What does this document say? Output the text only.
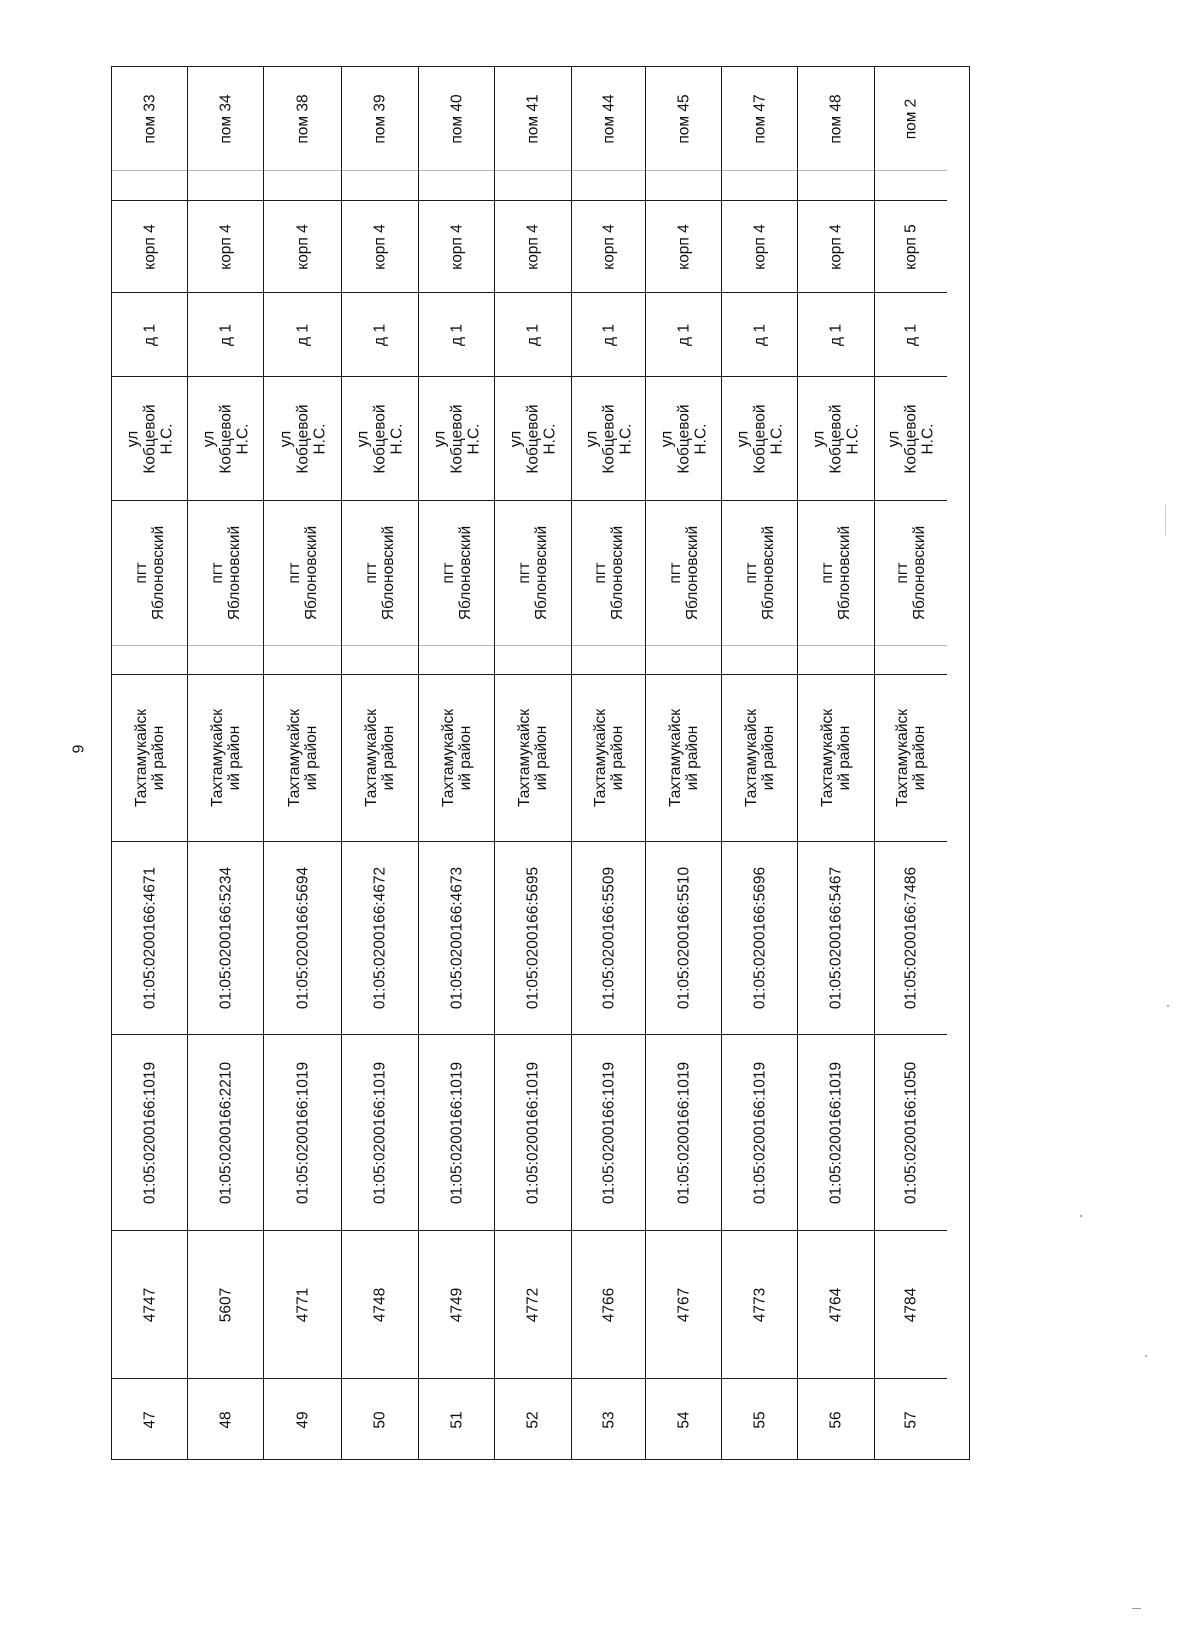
6
пом 33
корп 4
д 1
ул
Кобцевой
Н.С.
пгт
Яблоновский
Тахтамукайск
ий район
01:05:0200166:4671
01:05:0200166:1019
4747
47
пом 34
корп 4
д 1
ул
Кобцевой
Н.С.
пгт
Яблоновский
Тахтамукайск
ий район
01:05:0200166:5234
01:05:0200166:2210
5607
48
пом 38
корп 4
д 1
ул
Кобцевой
Н.С.
пгт
Яблоновский
Тахтамукайск
ий район
01:05:0200166:5694
01:05:0200166:1019
4771
49
пом 39
корп 4
д 1
ул
Кобцевой
Н.С.
пгт
Яблоновский
Тахтамукайск
ий район
01:05:0200166:4672
01:05:0200166:1019
4748
50
пом 40
корп 4
д 1
ул
Кобцевой
Н.С.
пгт
Яблоновский
Тахтамукайск
ий район
01:05:0200166:4673
01:05:0200166:1019
4749
51
пом 41
корп 4
д 1
ул
Кобцевой
Н.С.
пгт
Яблоновский
Тахтамукайск
ий район
01:05:0200166:5695
01:05:0200166:1019
4772
52
пом 44
корп 4
д 1
ул
Кобцевой
Н.С.
пгт
Яблоновский
Тахтамукайск
ий район
01:05:0200166:5509
01:05:0200166:1019
4766
53
пом 45
корп 4
д 1
ул
Кобцевой
Н.С.
пгт
Яблоновский
Тахтамукайск
ий район
01:05:0200166:5510
01:05:0200166:1019
4767
54
пом 47
корп 4
д 1
ул
Кобцевой
Н.С.
пгт
Яблоновский
Тахтамукайск
ий район
01:05:0200166:5696
01:05:0200166:1019
4773
55
пом 48
корп 4
д 1
ул
Кобцевой
Н.С.
пгт
Яблоновский
Тахтамукайск
ий район
01:05:0200166:5467
01:05:0200166:1019
4764
56
пом 2
корп 5
д 1
ул
Кобцевой
Н.С.
пгт
Яблоновский
Тахтамукайск
ий район
01:05:0200166:7486
01:05:0200166:1050
4784
57
